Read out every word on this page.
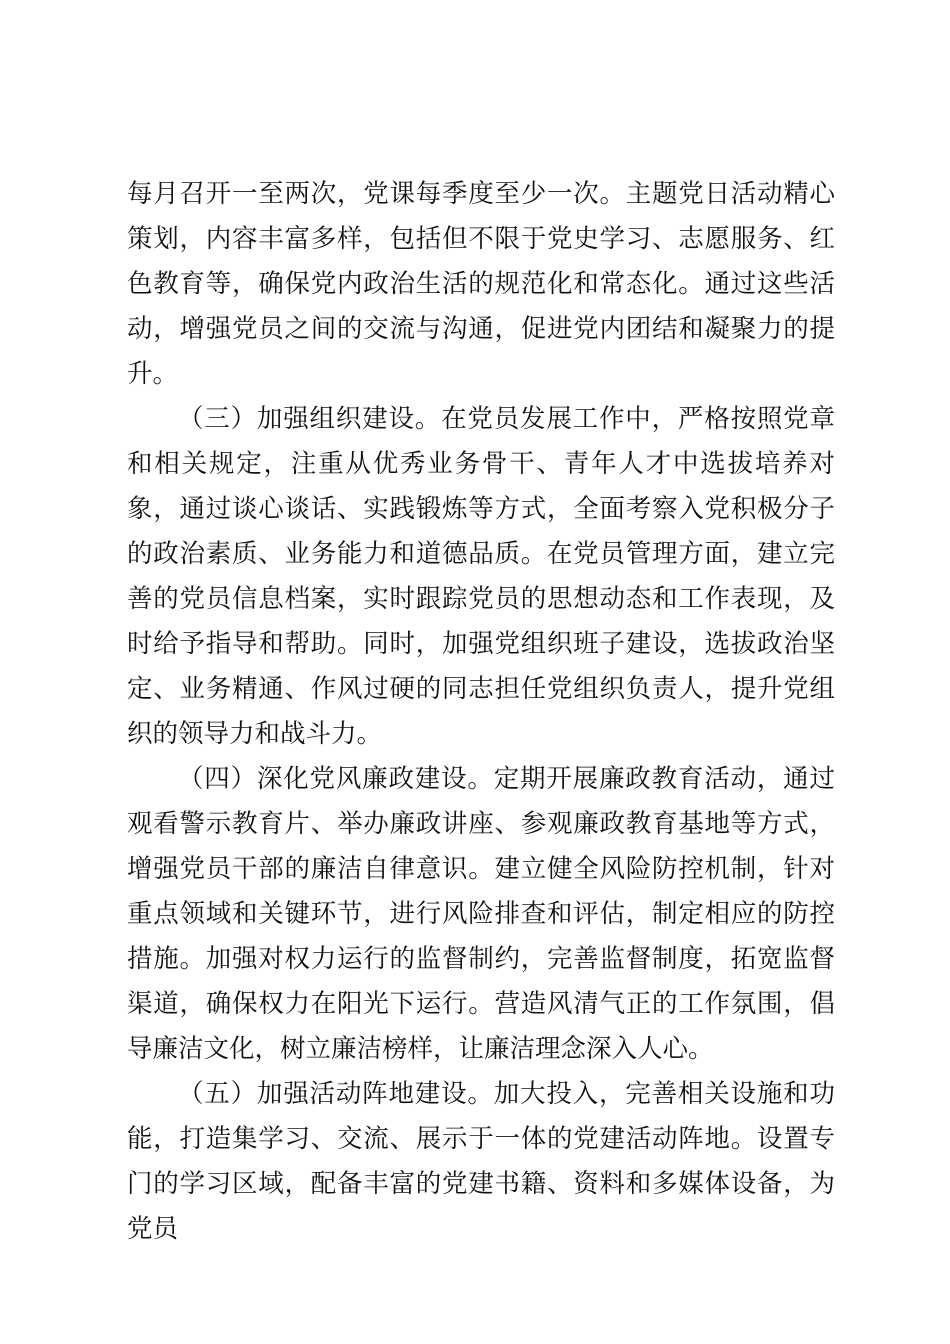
每月召开一至两次，党课每季度至少一次。主题党日活动精心策划，内容丰富多样，包括但不限于党史学习、志愿服务、红色教育等，确保党内政治生活的规范化和常态化。通过这些活动，增强党员之间的交流与沟通，促进党内团结和凝聚力的提升。

（三）加强组织建设。在党员发展工作中，严格按照党章和相关规定，注重从优秀业务骨干、青年人才中选拔培养对象，通过谈心谈话、实践锻炼等方式，全面考察入党积极分子的政治素质、业务能力和道德品质。在党员管理方面，建立完善的党员信息档案，实时跟踪党员的思想动态和工作表现，及时给予指导和帮助。同时，加强党组织班子建设，选拔政治坚定、业务精通、作风过硬的同志担任党组织负责人，提升党组织的领导力和战斗力。

（四）深化党风廉政建设。定期开展廉政教育活动，通过观看警示教育片、举办廉政讲座、参观廉政教育基地等方式，增强党员干部的廉洁自律意识。建立健全风险防控机制，针对重点领域和关键环节，进行风险排查和评估，制定相应的防控措施。加强对权力运行的监督制约，完善监督制度，拓宽监督渠道，确保权力在阳光下运行。营造风清气正的工作氛围，倡导廉洁文化，树立廉洁榜样，让廉洁理念深入人心。

（五）加强活动阵地建设。加大投入，完善相关设施和功能，打造集学习、交流、展示于一体的党建活动阵地。设置专门的学习区域，配备丰富的党建书籍、资料和多媒体设备，为党员
